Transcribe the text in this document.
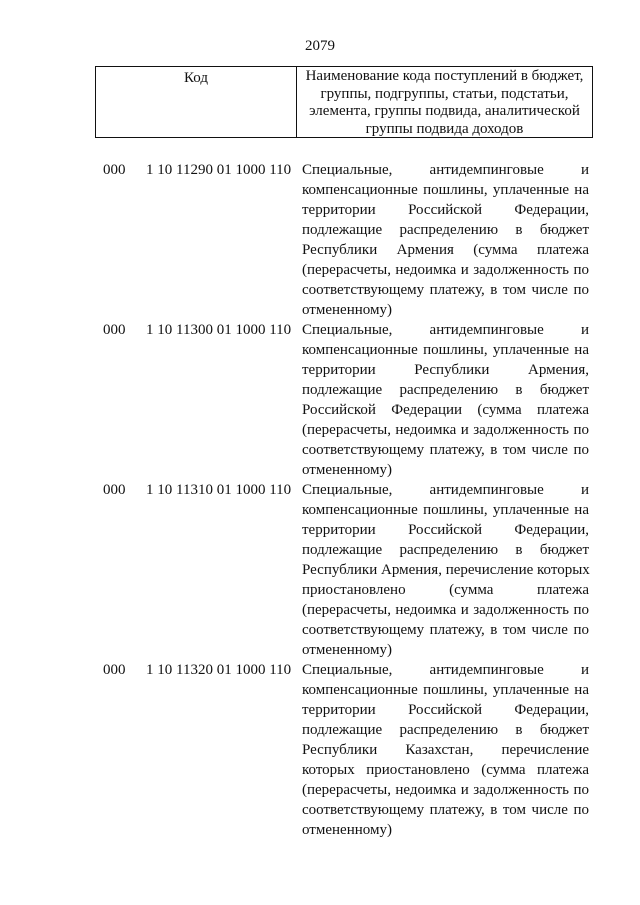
2079
Код	Наименование кода поступлений в бюджет,
группы, подгруппы, статьи, подстатьи,
элемента, группы подвида, аналитической
группы подвида доходов
000 1 10 11290 01 1000 110 Специальные, антидемпинговые и
компенсационные пошлины, уплаченные на
территории Российской Федерации,
подлежащие распределению в бюджет
Республики Армения (сумма платежа
(перерасчеты, недоимка и задолженность по
соответствующему платежу, в том числе по
отмененному)
000 1 10 11300 01 1000 110 Специальные, антидемпинговые и
компенсационные пошлины, уплаченные на
территории Республики Армения,
подлежащие распределению в бюджет
Российской Федерации (сумма платежа
(перерасчеты, недоимка и задолженность по
соответствующему платежу, в том числе по
отмененному)
000 1 10 11310 01 1000 110 Специальные, антидемпинговые и
компенсационные пошлины, уплаченные на
территории Российской Федерации,
подлежащие распределению в бюджет
Республики Армения, перечисление которых
приостановлено (сумма платежа
(перерасчеты, недоимка и задолженность по
соответствующему платежу, в том числе по
отмененному)
000 1 10 11320 01 1000 110 Специальные, антидемпинговые и
компенсационные пошлины, уплаченные на
территории Российской Федерации,
подлежащие распределению в бюджет
Республики Казахстан, перечисление
которых приостановлено (сумма платежа
(перерасчеты, недоимка и задолженность по
соответствующему платежу, в том числе по
отмененному)
